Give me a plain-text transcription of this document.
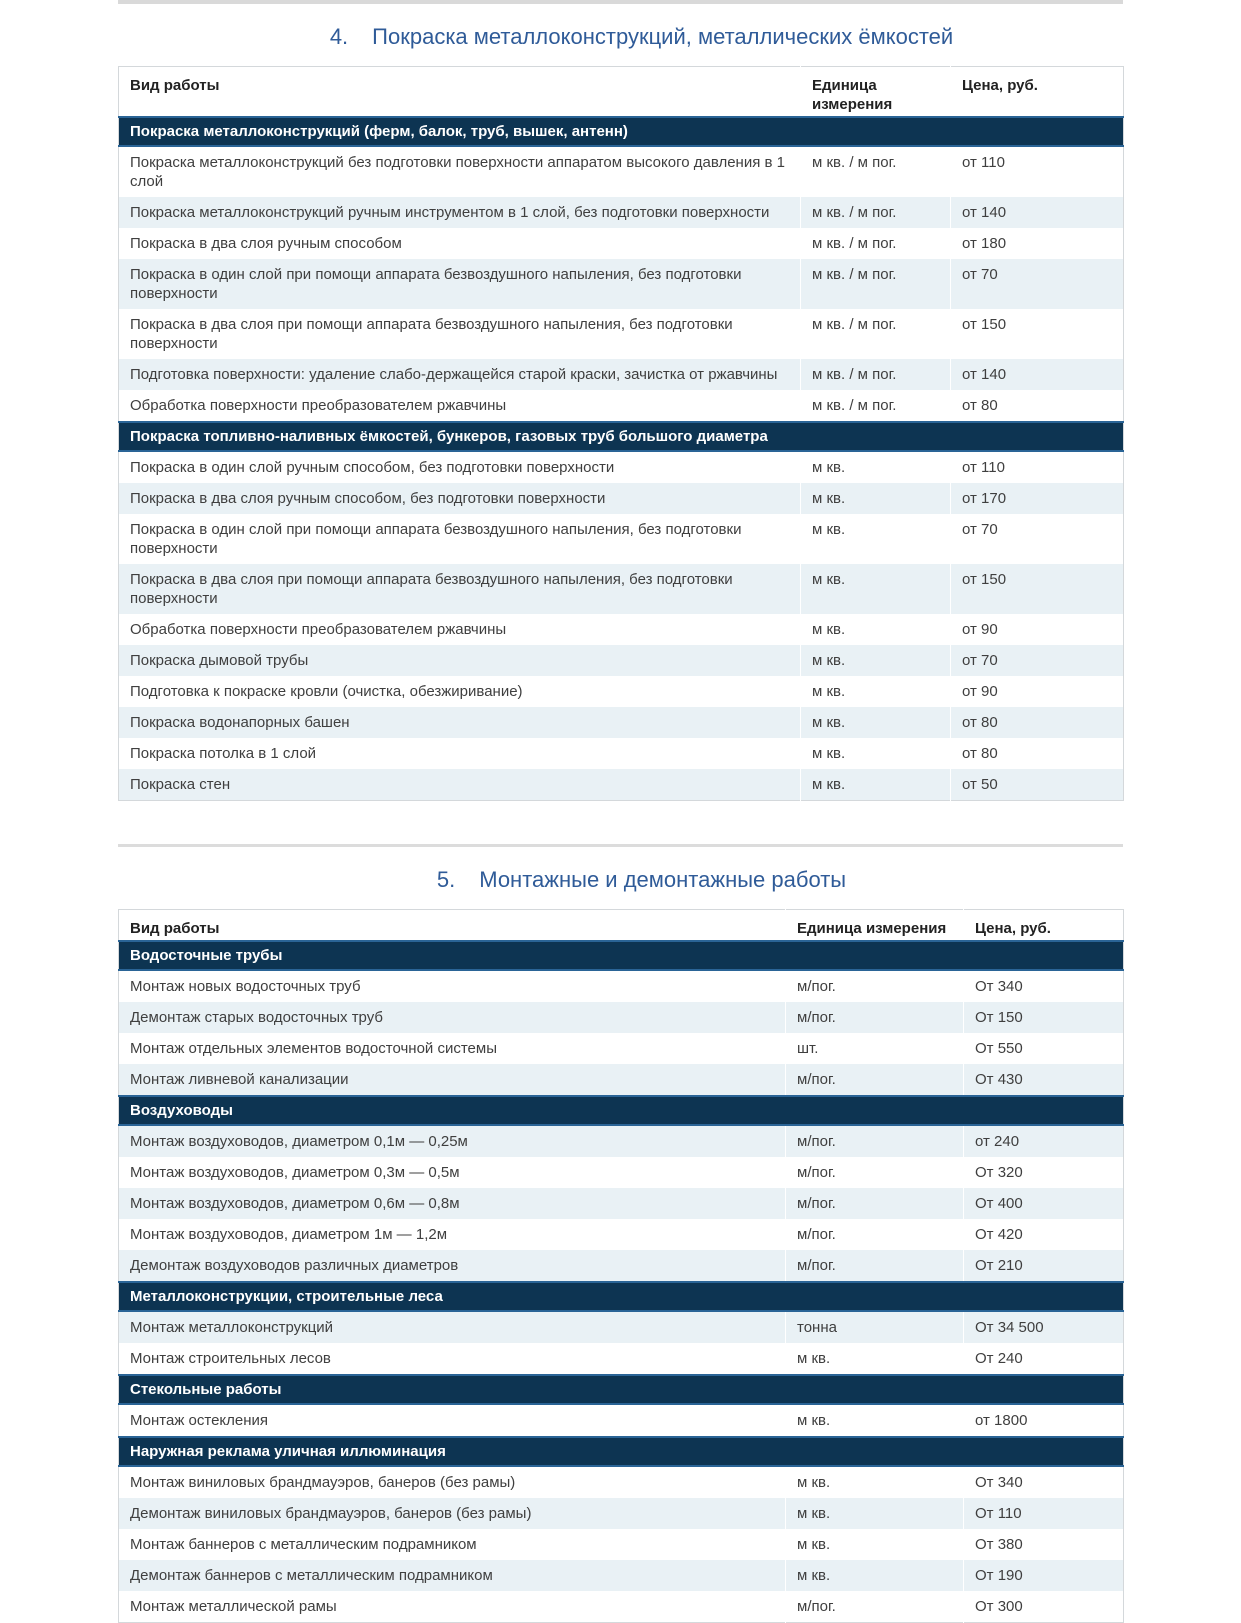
4. Покраска металлоконструкций, металлических ёмкостей
Вид работы	Единица измерения	Цена, руб.
Покраска металлоконструкций (ферм, балок, труб, вышек, антенн)		
Покраска металлоконструкций без подготовки поверхности аппаратом высокого давления в 1 слой	м кв. / м пог.	от 110
Покраска металлоконструкций ручным инструментом в 1 слой, без подготовки поверхности	м кв. / м пог.	от 140
Покраска в два слоя ручным способом	м кв. / м пог.	от 180
Покраска в один слой при помощи аппарата безвоздушного напыления, без подготовки поверхности	м кв. / м пог.	от 70
Покраска в два слоя при помощи аппарата безвоздушного напыления, без подготовки поверхности	м кв. / м пог.	от 150
Подготовка поверхности: удаление слабо-держащейся старой краски, зачистка от ржавчины	м кв. / м пог.	от 140
Обработка поверхности преобразователем ржавчины	м кв. / м пог.	от 80
Покраска топливно-наливных ёмкостей, бункеров, газовых труб большого диаметра		
Покраска в один слой ручным способом, без подготовки поверхности	м кв.	от 110
Покраска в два слоя ручным способом, без подготовки поверхности	м кв.	от 170
Покраска в один слой при помощи аппарата безвоздушного напыления, без подготовки поверхности	м кв.	от 70
Покраска в два слоя при помощи аппарата безвоздушного напыления, без подготовки поверхности	м кв.	от 150
Обработка поверхности преобразователем ржавчины	м кв.	от 90
Покраска дымовой трубы	м кв.	от 70
Подготовка к покраске кровли (очистка, обезжиривание)	м кв.	от 90
Покраска водонапорных башен	м кв.	от 80
Покраска потолка в 1 слой	м кв.	от 80
Покраска стен	м кв.	от 50
5. Монтажные и демонтажные работы
Вид работы	Единица измерения	Цена, руб.
Водосточные трубы		
Монтаж новых водосточных труб	м/пог.	От 340
Демонтаж старых водосточных труб	м/пог.	От 150
Монтаж отдельных элементов водосточной системы	шт.	От 550
Монтаж ливневой канализации	м/пог.	От 430
Воздуховоды		
Монтаж воздуховодов, диаметром 0,1м — 0,25м	м/пог.	от 240
Монтаж воздуховодов, диаметром 0,3м — 0,5м	м/пог.	От 320
Монтаж воздуховодов, диаметром 0,6м — 0,8м	м/пог.	От 400
Монтаж воздуховодов, диаметром 1м — 1,2м	м/пог.	От 420
Демонтаж воздуховодов различных диаметров	м/пог.	От 210
Металлоконструкции, строительные леса		
Монтаж металлоконструкций	тонна	От 34 500
Монтаж строительных лесов	м кв.	От 240
Стекольные работы		
Монтаж остекления	м кв.	от 1800
Наружная реклама уличная иллюминация		
Монтаж виниловых брандмауэров, банеров (без рамы)	м кв.	От 340
Демонтаж виниловых брандмауэров, банеров (без рамы)	м кв.	От 110
Монтаж баннеров с металлическим подрамником	м кв.	От 380
Демонтаж баннеров с металлическим подрамником	м кв.	От 190
Монтаж металлической рамы	м/пог.	От 300
